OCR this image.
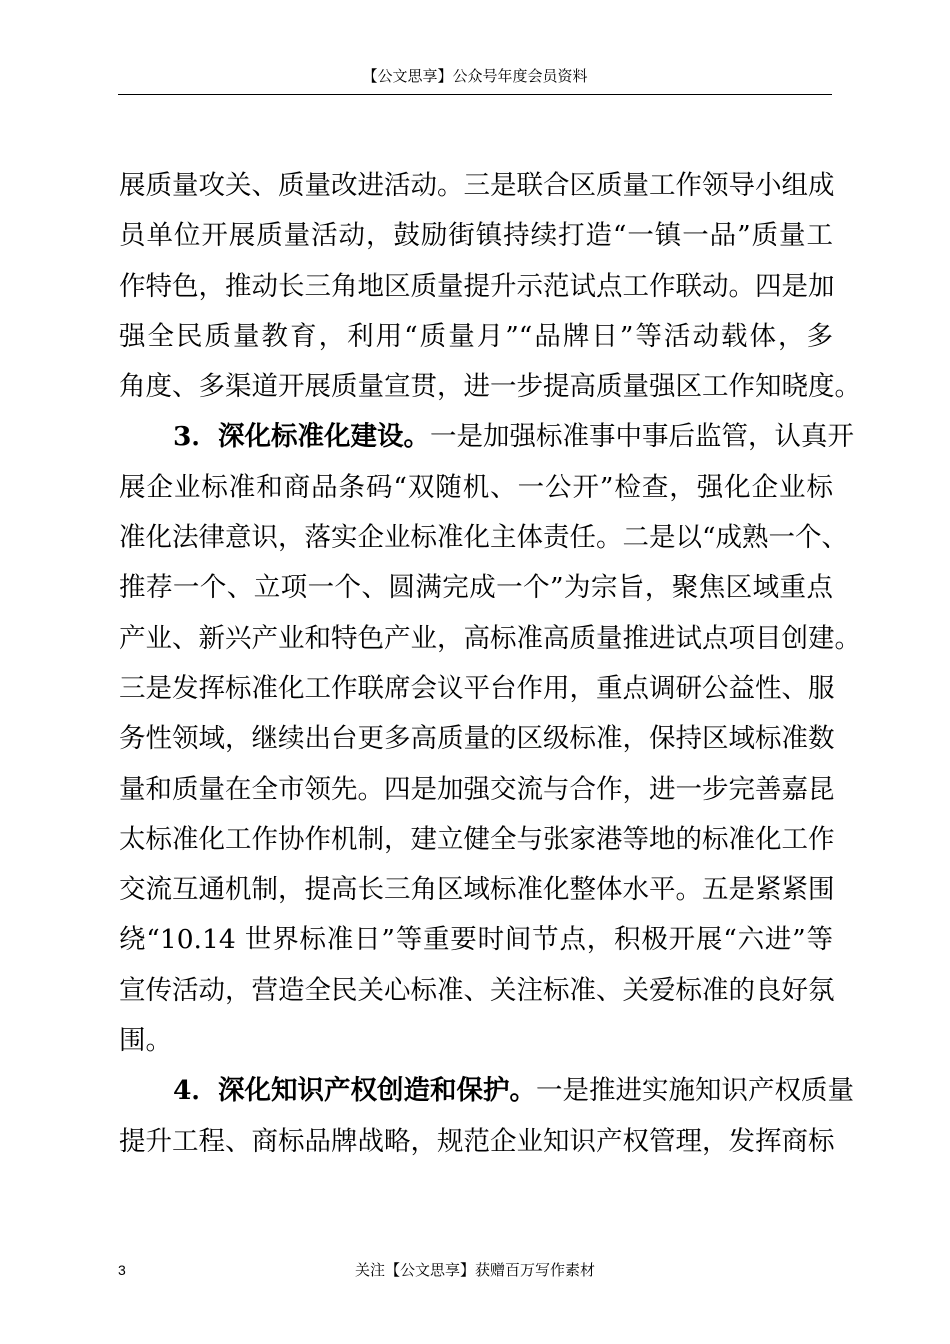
【公文思享】公众号年度会员资料
展质量攻关、质量改进活动。三是联合区质量工作领导小组成
员单位开展质量活动，鼓励街镇持续打造“一镇一品”质量工
作特色，推动长三角地区质量提升示范试点工作联动。四是加
强全民质量教育，利用“质量月”“品牌日”等活动载体，多
角度、多渠道开展质量宣贯，进一步提高质量强区工作知晓度。
3．深化标准化建设。一是加强标准事中事后监管，认真开
展企业标准和商品条码“双随机、一公开”检查，强化企业标
准化法律意识，落实企业标准化主体责任。二是以“成熟一个、
推荐一个、立项一个、圆满完成一个”为宗旨，聚焦区域重点
产业、新兴产业和特色产业，高标准高质量推进试点项目创建。
三是发挥标准化工作联席会议平台作用，重点调研公益性、服
务性领域，继续出台更多高质量的区级标准，保持区域标准数
量和质量在全市领先。四是加强交流与合作，进一步完善嘉昆
太标准化工作协作机制，建立健全与张家港等地的标准化工作
交流互通机制，提高长三角区域标准化整体水平。五是紧紧围
绕“10.14 世界标准日”等重要时间节点，积极开展“六进”等
宣传活动，营造全民关心标准、关注标准、关爱标准的良好氛
围。
4．深化知识产权创造和保护。一是推进实施知识产权质量
提升工程、商标品牌战略，规范企业知识产权管理，发挥商标
3	关注【公文思享】获赠百万写作素材
